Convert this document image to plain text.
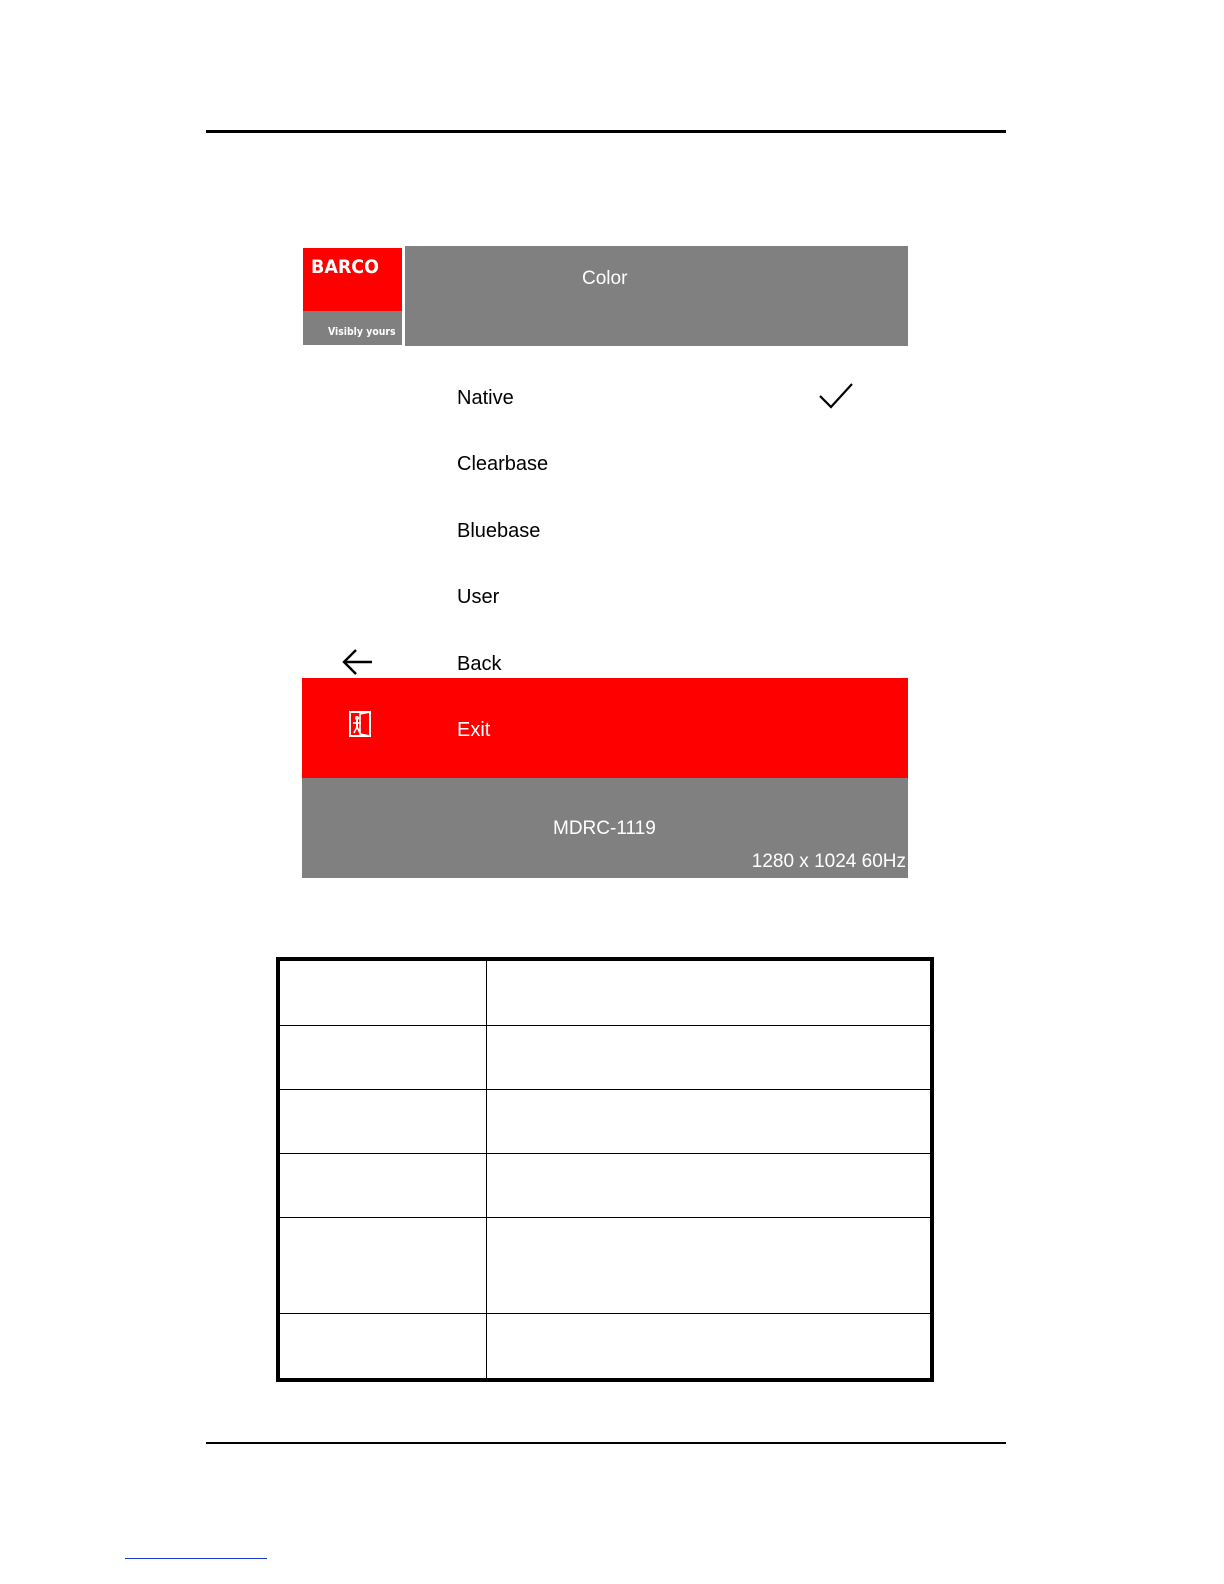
BARCO
Visibly yours
Color
Native
Clearbase
Bluebase
User
Back
Exit
MDRC-1119
1280 x 1024 60Hz
